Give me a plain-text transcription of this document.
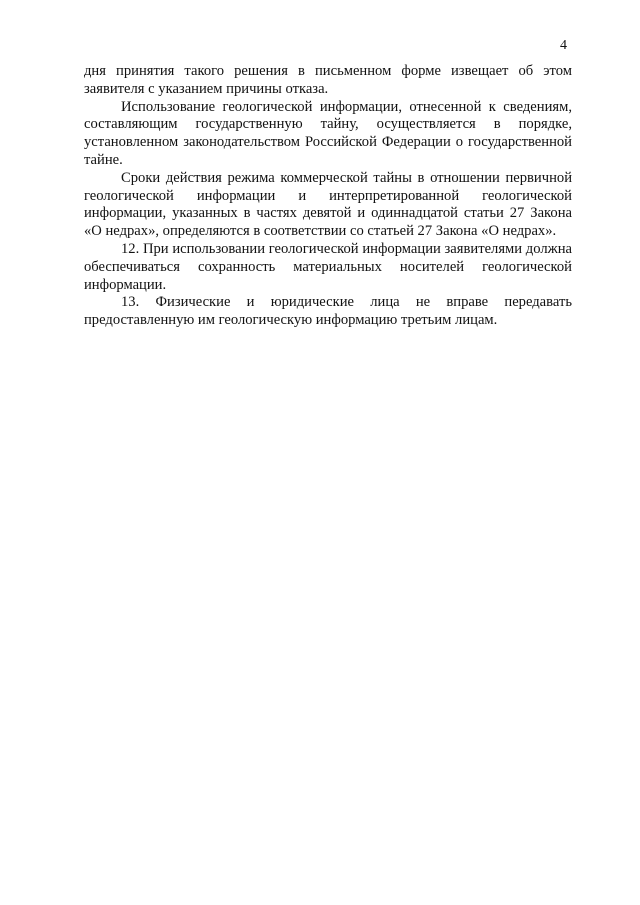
4

дня принятия такого решения в письменном форме извещает об этом заявителя с указанием причины отказа.

Использование геологической информации, отнесенной к сведениям, составляющим государственную тайну, осуществляется в порядке, установленном законодательством Российской Федерации о государственной тайне.

Сроки действия режима коммерческой тайны в отношении первичной геологической информации и интерпретированной геологической информации, указанных в частях девятой и одиннадцатой статьи 27 Закона «О недрах», определяются в соответствии со статьей 27 Закона «О недрах».

12. При использовании геологической информации заявителями должна обеспечиваться сохранность материальных носителей геологической информации.

13. Физические и юридические лица не вправе передавать предоставленную им геологическую информацию третьим лицам.
